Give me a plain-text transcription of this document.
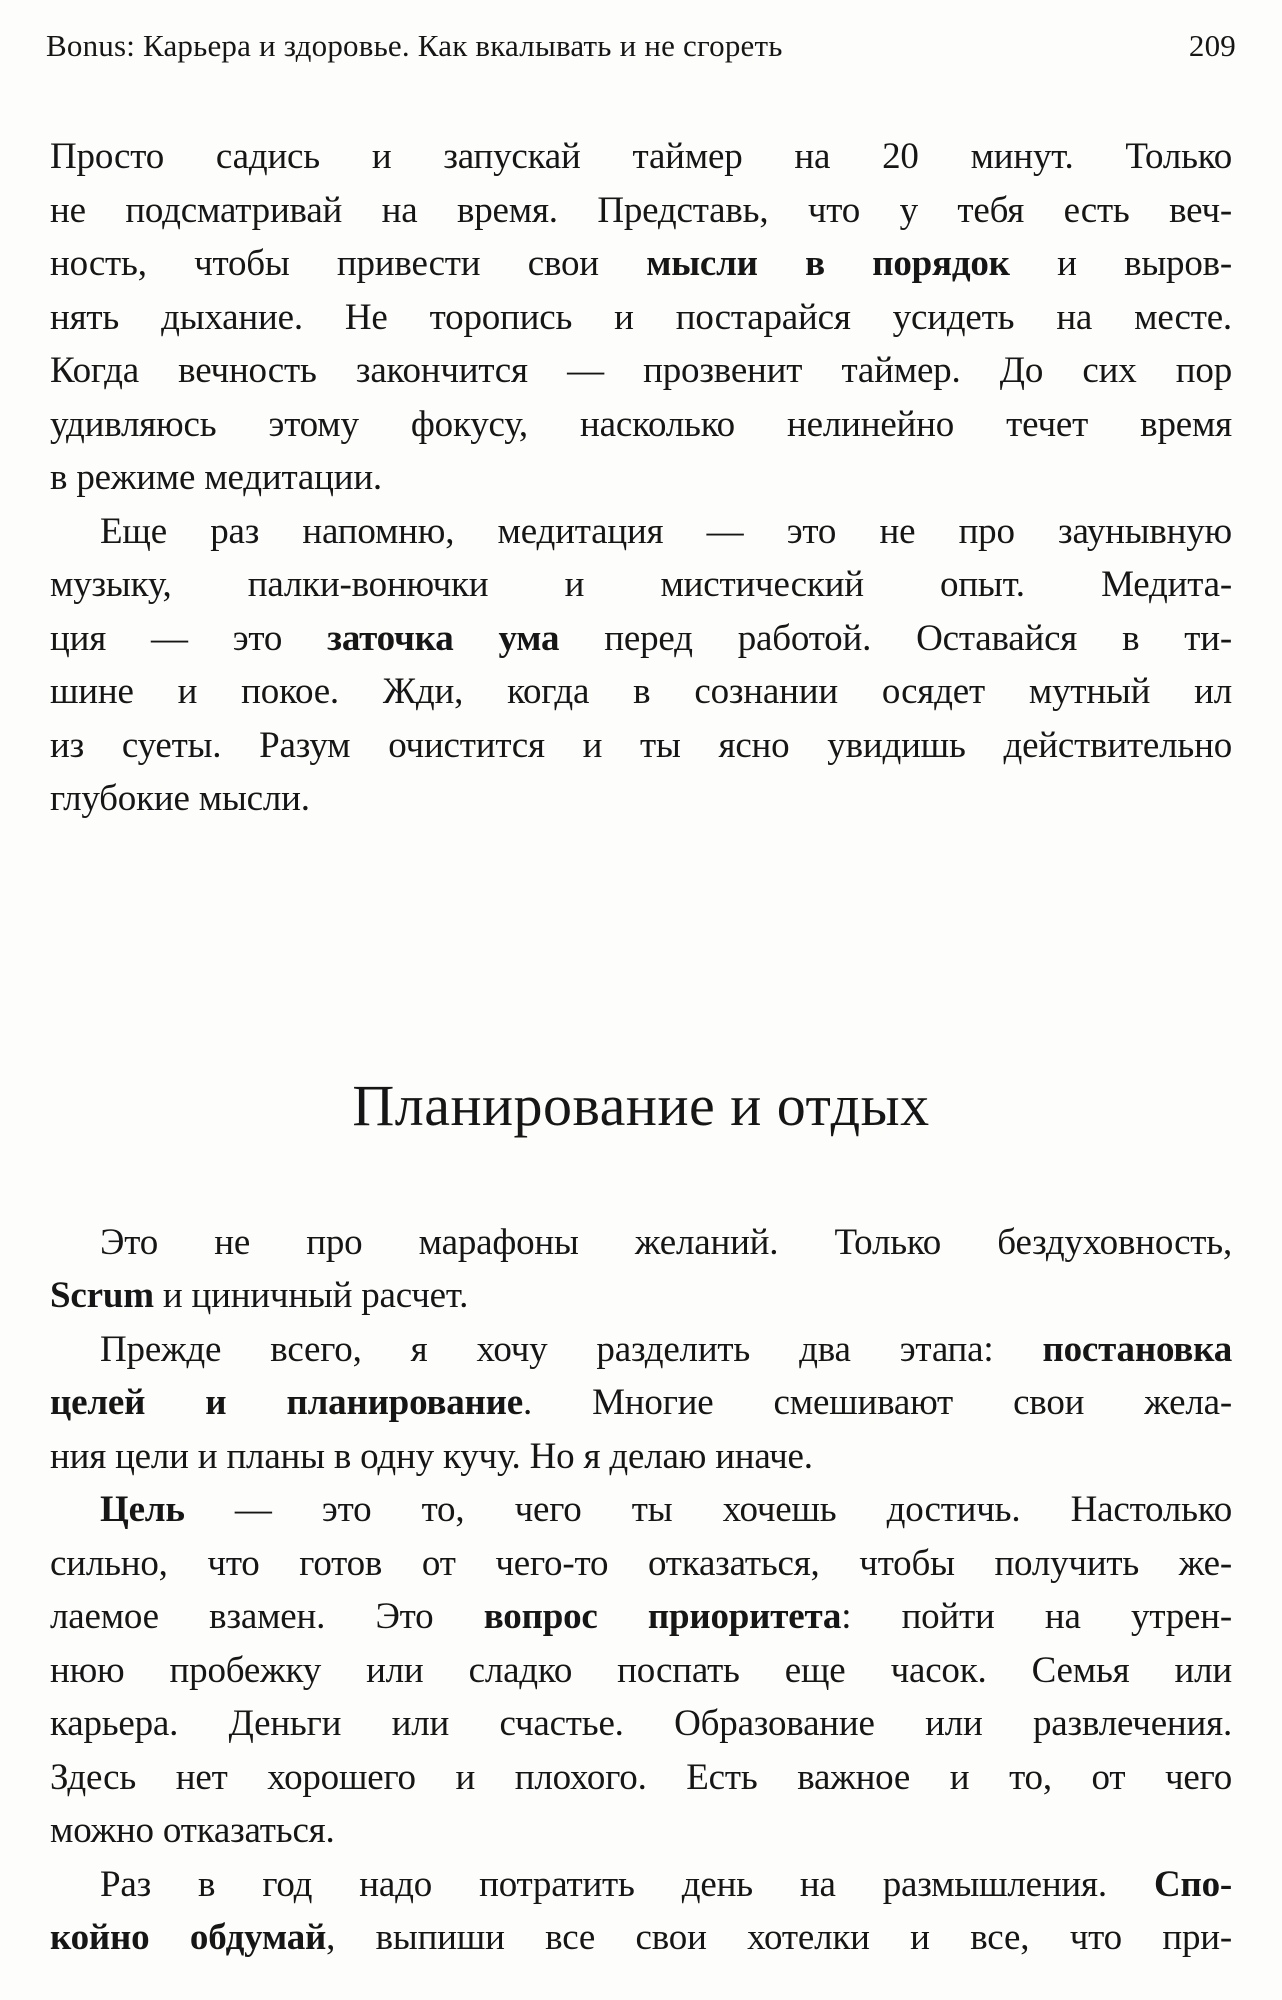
Bonus: Карьера и здоровье. Как вкалывать и не сгореть	209
Просто садись и запускай таймер на 20 минут. Только
не подсматривай на время. Представь, что у тебя есть веч-
ность, чтобы привести свои мысли в порядок и выров-
нять дыхание. Не торопись и постарайся усидеть на месте.
Когда вечность закончится — прозвенит таймер. До сих пор
удивляюсь этому фокусу, насколько нелинейно течет время
в режиме медитации.
Еще раз напомню, медитация — это не про заунывную
музыку, палки-вонючки и мистический опыт. Медита-
ция — это заточка ума перед работой. Оставайся в ти-
шине и покое. Жди, когда в сознании осядет мутный ил
из суеты. Разум очистится и ты ясно увидишь действительно
глубокие мысли.
Планирование и отдых
Это не про марафоны желаний. Только бездуховность,
Scrum и циничный расчет.
Прежде всего, я хочу разделить два этапа: постановка
целей и планирование. Многие смешивают свои жела-
ния цели и планы в одну кучу. Но я делаю иначе.
Цель — это то, чего ты хочешь достичь. Настолько
сильно, что готов от чего-то отказаться, чтобы получить же-
лаемое взамен. Это вопрос приоритета: пойти на утрен-
нюю пробежку или сладко поспать еще часок. Семья или
карьера. Деньги или счастье. Образование или развлечения.
Здесь нет хорошего и плохого. Есть важное и то, от чего
можно отказаться.
Раз в год надо потратить день на размышления. Спо-
койно обдумай, выпиши все свои хотелки и все, что при-
